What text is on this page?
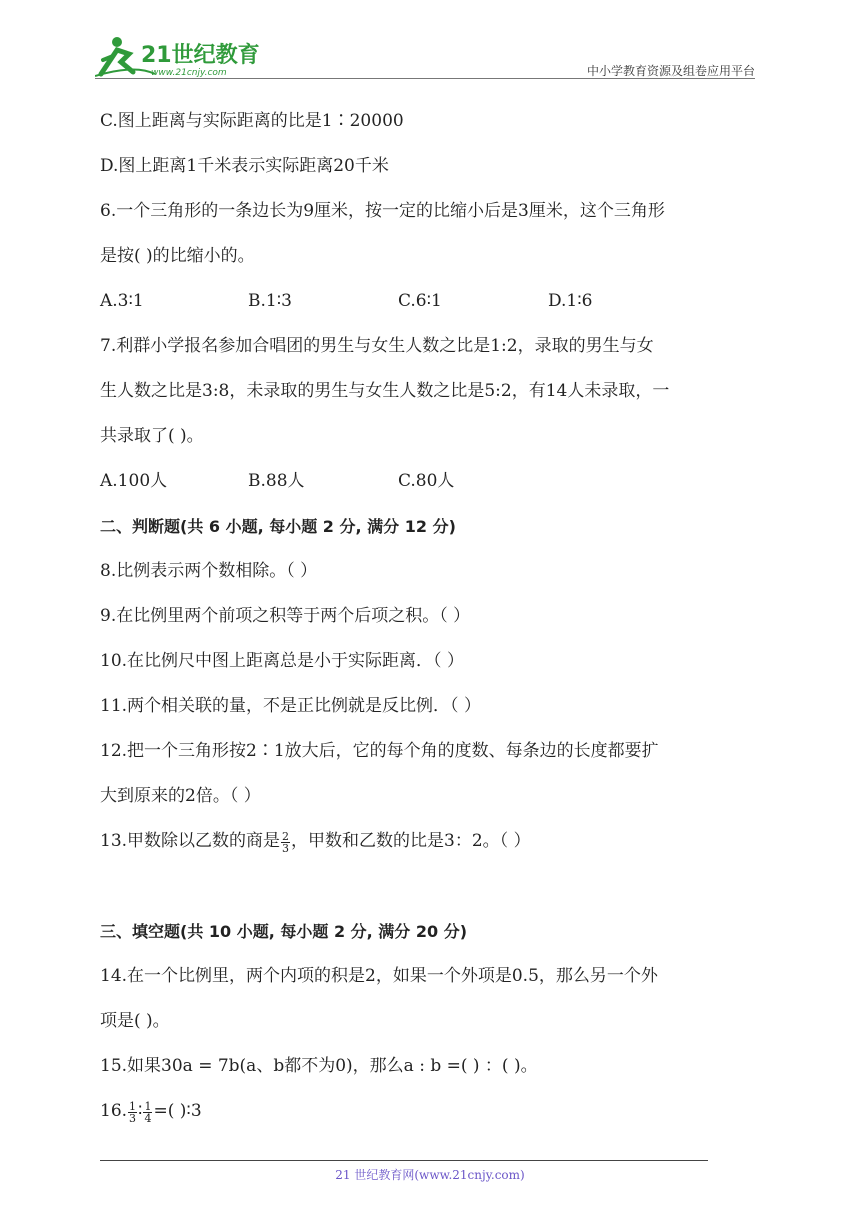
21世纪教育
www.21cnjy.com	中小学教育资源及组卷应用平台
C.图上距离与实际距离的比是1∶20000
D.图上距离1千米表示实际距离20千米
6.一个三角形的一条边长为9厘米，按一定的比缩小后是3厘米，这个三角形
是按( )的比缩小的。
A.3∶1	B.1∶3	C.6∶1	D.1∶6
7.利群小学报名参加合唱团的男生与女生人数之比是1:2，录取的男生与女
生人数之比是3:8，未录取的男生与女生人数之比是5:2，有14人未录取，一
共录取了( )。
A.100人	B.88人	C.80人
二、判断题(共 6 小题, 每小题 2 分, 满分 12 分)
8.比例表示两个数相除。（ ）
9.在比例里两个前项之积等于两个后项之积。（ ）
10.在比例尺中图上距离总是小于实际距离．（ ）
11.两个相关联的量，不是正比例就是反比例．（ ）
12.把一个三角形按2∶1放大后，它的每个角的度数、每条边的长度都要扩
大到原来的2倍。（ ）
13.甲数除以乙数的商是 $\frac{2}{3}$ ，甲数和乙数的比是3：2。（ ）
三、填空题(共 10 小题, 每小题 2 分, 满分 20 分)
14.在一个比例里，两个内项的积是2，如果一个外项是0.5，那么另一个外
项是( )。
15.如果30a = 7b(a、b都不为0)，那么a : b =( ) ：( )。
16. $\frac{1}{3}$ ∶ $\frac{1}{4}$ =( )∶3
21 世纪教育网(www.21cnjy.com)
